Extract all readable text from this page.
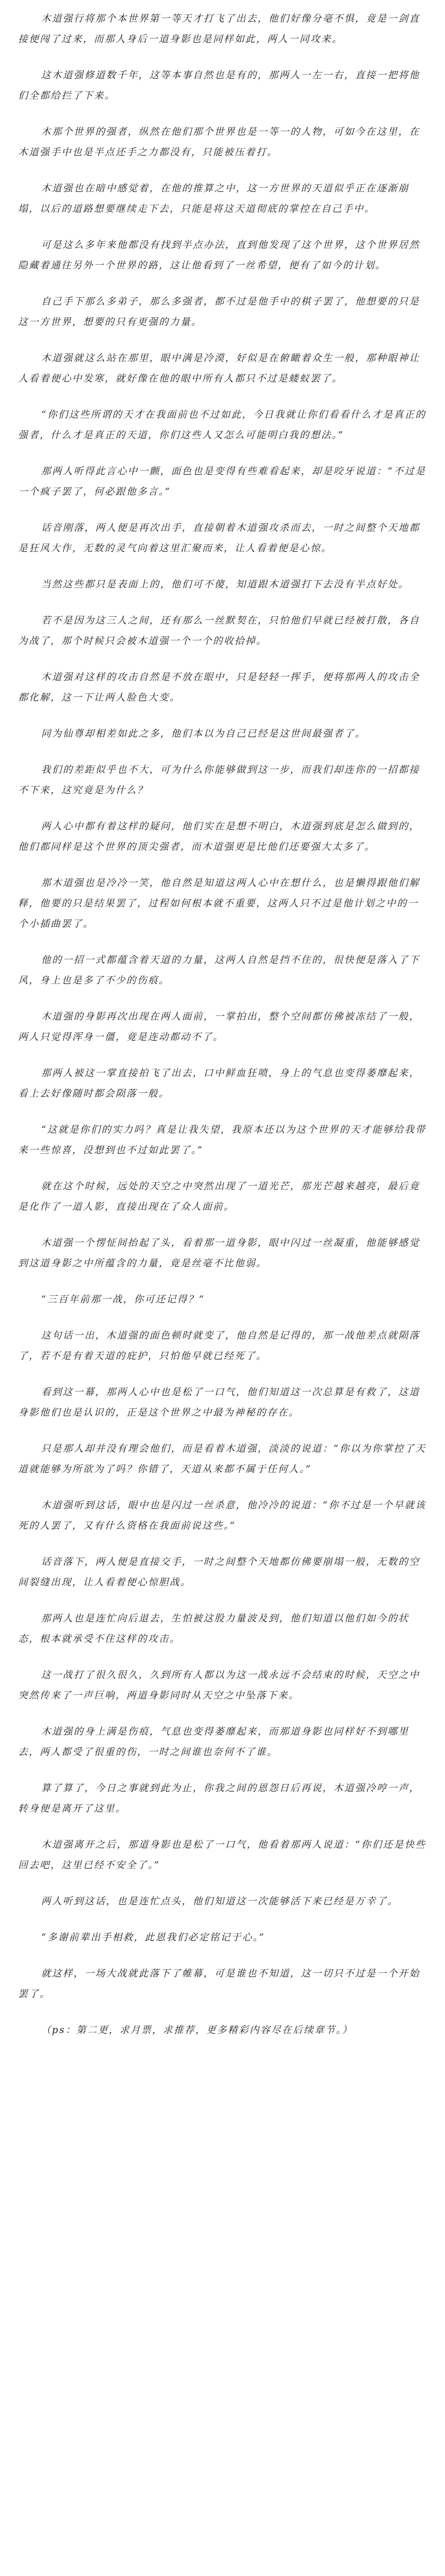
木道强行将那个本世界第一等天才打飞了出去，他们好像分毫不惧，竟是一剑直接便闯了过来，而那人身后一道身影也是同样如此，两人一同攻来。

这木道强修道数千年，这等本事自然也是有的，那两人一左一右，直接一把将他们全都给拦了下来。

木那个世界的强者，纵然在他们那个世界也是一等一的人物，可如今在这里，在木道强手中也是半点还手之力都没有，只能被压着打。

木道强也在暗中感觉着，在他的推算之中，这一方世界的天道似乎正在逐渐崩塌，以后的道路想要继续走下去，只能是将这天道彻底的掌控在自己手中。

可是这么多年来他都没有找到半点办法，直到他发现了这个世界，这个世界居然隐藏着通往另外一个世界的路，这让他看到了一丝希望，便有了如今的计划。

自己手下那么多弟子，那么多强者，都不过是他手中的棋子罢了，他想要的只是这一方世界，想要的只有更强的力量。

木道强就这么站在那里，眼中满是冷漠，好似是在俯瞰着众生一般，那种眼神让人看着便心中发寒，就好像在他的眼中所有人都只不过是蝼蚁罢了。

“你们这些所谓的天才在我面前也不过如此，今日我就让你们看看什么才是真正的强者，什么才是真正的天道，你们这些人又怎么可能明白我的想法。”

那两人听得此言心中一颤，面色也是变得有些难看起来，却是咬牙说道：“不过是一个疯子罢了，何必跟他多言。”

话音刚落，两人便是再次出手，直接朝着木道强攻杀而去，一时之间整个天地都是狂风大作，无数的灵气向着这里汇聚而来，让人看着便是心惊。

当然这些都只是表面上的，他们可不傻，知道跟木道强打下去没有半点好处。

若不是因为这三人之间，还有那么一丝默契在，只怕他们早就已经被打散，各自为战了，那个时候只会被木道强一个一个的收拾掉。

木道强对这样的攻击自然是不放在眼中，只是轻轻一挥手，便将那两人的攻击全都化解，这一下让两人脸色大变。

同为仙尊却相差如此之多，他们本以为自己已经是这世间最强者了。

我们的差距似乎也不大，可为什么你能够做到这一步，而我们却连你的一招都接不下来，这究竟是为什么？

两人心中都有着这样的疑问，他们实在是想不明白，木道强到底是怎么做到的，他们都同样是这个世界的顶尖强者，而木道强更是比他们还要强大太多了。

那木道强也是冷冷一笑，他自然是知道这两人心中在想什么，也是懒得跟他们解释，他要的只是结果罢了，过程如何根本就不重要，这两人只不过是他计划之中的一个小插曲罢了。

他的一招一式都蕴含着天道的力量，这两人自然是挡不住的，很快便是落入了下风，身上也是多了不少的伤痕。

木道强的身影再次出现在两人面前，一掌拍出，整个空间都仿佛被冻结了一般，两人只觉得浑身一僵，竟是连动都动不了。

那两人被这一掌直接拍飞了出去，口中鲜血狂喷，身上的气息也变得萎靡起来，看上去好像随时都会陨落一般。

“这就是你们的实力吗？真是让我失望，我原本还以为这个世界的天才能够给我带来一些惊喜，没想到也不过如此罢了。”

就在这个时候，远处的天空之中突然出现了一道光芒，那光芒越来越亮，最后竟是化作了一道人影，直接出现在了众人面前。

木道强一个愣怔间抬起了头，看着那一道身影，眼中闪过一丝凝重，他能够感觉到这道身影之中所蕴含的力量，竟是丝毫不比他弱。

“三百年前那一战，你可还记得？”

这句话一出，木道强的面色顿时就变了，他自然是记得的，那一战他差点就陨落了，若不是有着天道的庇护，只怕他早就已经死了。

看到这一幕，那两人心中也是松了一口气，他们知道这一次总算是有救了，这道身影他们也是认识的，正是这个世界之中最为神秘的存在。

只是那人却并没有理会他们，而是看着木道强，淡淡的说道：“你以为你掌控了天道就能够为所欲为了吗？你错了，天道从来都不属于任何人。”

木道强听到这话，眼中也是闪过一丝杀意，他冷冷的说道：“你不过是一个早就该死的人罢了，又有什么资格在我面前说这些。”

话音落下，两人便是直接交手，一时之间整个天地都仿佛要崩塌一般，无数的空间裂缝出现，让人看着便心惊胆战。

那两人也是连忙向后退去，生怕被这股力量波及到，他们知道以他们如今的状态，根本就承受不住这样的攻击。

这一战打了很久很久，久到所有人都以为这一战永远不会结束的时候，天空之中突然传来了一声巨响，两道身影同时从天空之中坠落下来。

木道强的身上满是伤痕，气息也变得萎靡起来，而那道身影也同样好不到哪里去，两人都受了很重的伤，一时之间谁也奈何不了谁。

算了算了，今日之事就到此为止，你我之间的恩怨日后再说，木道强冷哼一声，转身便是离开了这里。

木道强离开之后，那道身影也是松了一口气，他看着那两人说道：“你们还是快些回去吧，这里已经不安全了。”

两人听到这话，也是连忙点头，他们知道这一次能够活下来已经是万幸了。

“多谢前辈出手相救，此恩我们必定铭记于心。”

就这样，一场大战就此落下了帷幕，可是谁也不知道，这一切只不过是一个开始罢了。

（ps：第二更，求月票，求推荐，更多精彩内容尽在后续章节。）
